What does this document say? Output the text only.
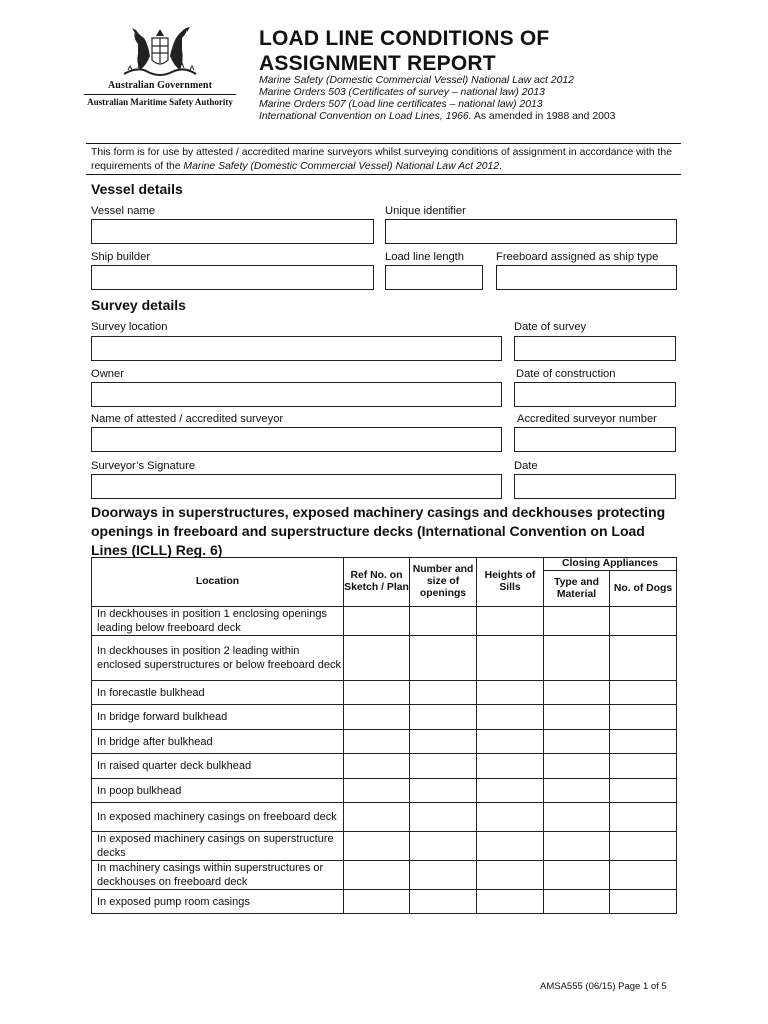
Australian Government
Australian Maritime Safety Authority
LOAD LINE CONDITIONS OF
ASSIGNMENT REPORT
Marine Safety (Domestic Commercial Vessel) National Law act 2012
Marine Orders 503 (Certificates of survey – national law) 2013
Marine Orders 507 (Load line certificates – national law) 2013
International Convention on Load Lines, 1966. As amended in 1988 and 2003
This form is for use by attested / accredited marine surveyors whilst surveying conditions of assignment in accordance with the requirements of the Marine Safety (Domestic Commercial Vessel) National Law Act 2012.
Vessel details
Vessel name	Unique identifier
Ship builder	Load line length	Freeboard assigned as ship type
Survey details
Survey location	Date of survey
Owner	Date of construction
Name of attested / accredited surveyor	Accredited surveyor number
Surveyor’s Signature	Date
Doorways in superstructures, exposed machinery casings and deckhouses protecting openings in freeboard and superstructure decks (International Convention on Load Lines (ICLL) Reg. 6)
Location	Ref No. on Sketch / Plan	Number and size of openings	Heights of Sills	Closing Appliances	
				Type and Material	No. of Dogs
In deckhouses in position 1 enclosing openings leading below freeboard deck					
In deckhouses in position 2 leading within enclosed superstructures or below freeboard deck					
In forecastle bulkhead					
In bridge forward bulkhead					
In bridge after bulkhead					
In raised quarter deck bulkhead					
In poop bulkhead					
In exposed machinery casings on freeboard deck					
In exposed machinery casings on superstructure decks					
In machinery casings within superstructures or deckhouses on freeboard deck					
In exposed pump room casings					
AMSA555 (06/15) Page 1 of 5
